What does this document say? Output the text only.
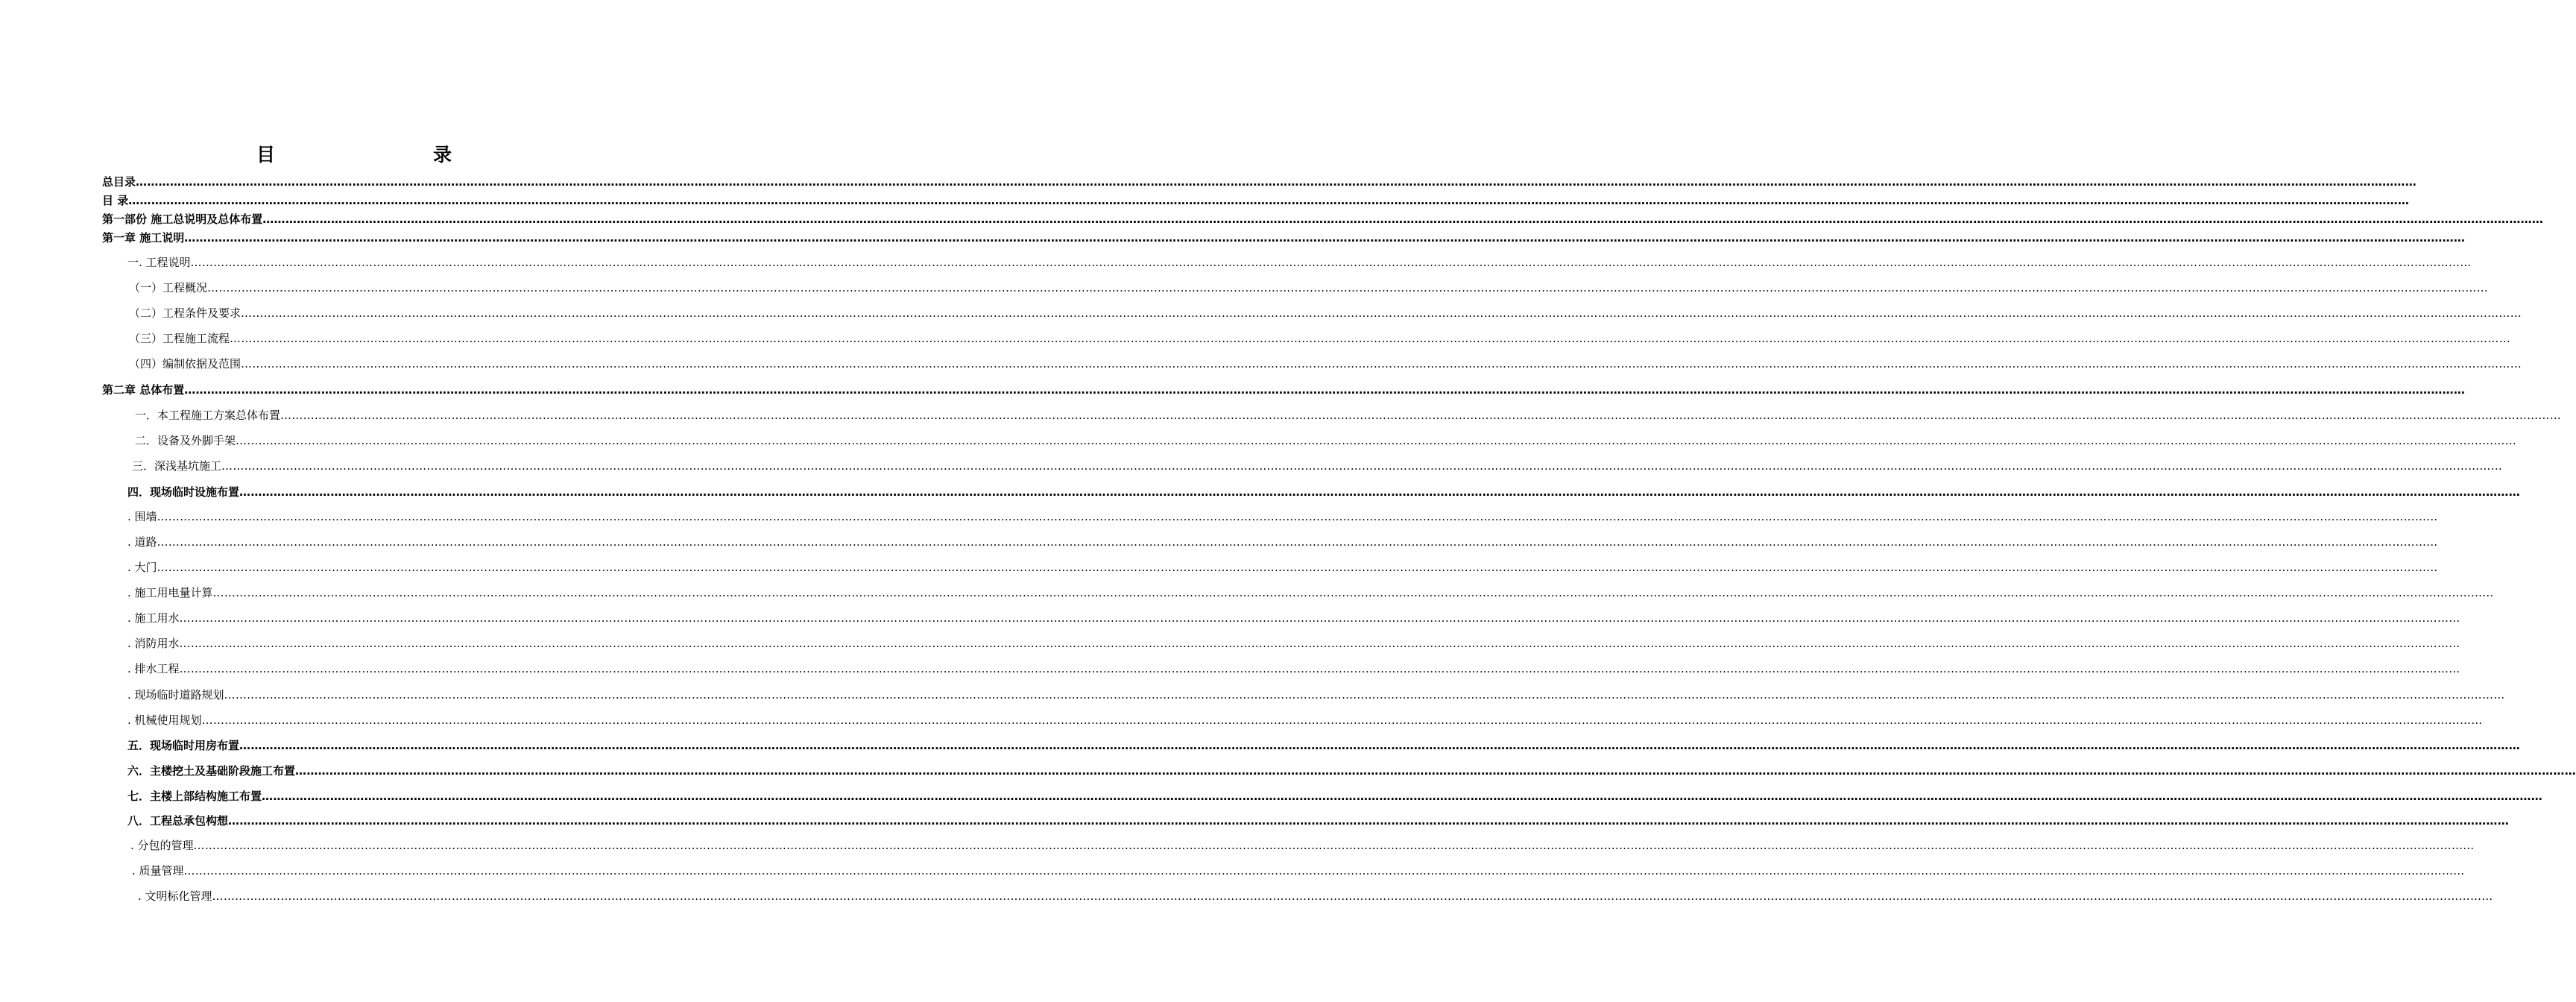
目　　录
总目录……………………………………………………………………………………………………………………………………………………………………………………………………………………………………………………………………………………………………………………………………………………………………………………………………………………………………………………………………………………………………………………………………………………
目 录……………………………………………………………………………………………………………………………………………………………………………………………………………………………………………………………………………………………………………………………………………………………………………………………………………………………………………………………………………………………………………………………………………………
第一部份 施工总说明及总体布置……………………………………………………………………………………………………………………………………………………………………………………………………………………………………………………………………………………………………………………………………………………………………………………………………………………………………………………………………………………………………………………………………………………
第一章 施工说明……………………………………………………………………………………………………………………………………………………………………………………………………………………………………………………………………………………………………………………………………………………………………………………………………………………………………………………………………………………………………………………………………………………
一. 工程说明……………………………………………………………………………………………………………………………………………………………………………………………………………………………………………………………………………………………………………………………………………………………………………………………………………………………………………………………………………………………………………………………………………………
（一）工程概况……………………………………………………………………………………………………………………………………………………………………………………………………………………………………………………………………………………………………………………………………………………………………………………………………………………………………………………………………………………………………………………………………………………
（二）工程条件及要求……………………………………………………………………………………………………………………………………………………………………………………………………………………………………………………………………………………………………………………………………………………………………………………………………………………………………………………………………………………………………………………………………………………
（三）工程施工流程……………………………………………………………………………………………………………………………………………………………………………………………………………………………………………………………………………………………………………………………………………………………………………………………………………………………………………………………………………………………………………………………………………………
（四）编制依据及范围……………………………………………………………………………………………………………………………………………………………………………………………………………………………………………………………………………………………………………………………………………………………………………………………………………………………………………………………………………………………………………………………………………………
第二章 总体布置……………………………………………………………………………………………………………………………………………………………………………………………………………………………………………………………………………………………………………………………………………………………………………………………………………………………………………………………………………………………………………………………………………………
一．本工程施工方案总体布置……………………………………………………………………………………………………………………………………………………………………………………………………………………………………………………………………………………………………………………………………………………………………………………………………………………………………………………………………………………………………………………………………………………
二．设备及外脚手架……………………………………………………………………………………………………………………………………………………………………………………………………………………………………………………………………………………………………………………………………………………………………………………………………………………………………………………………………………………………………………………………………………………
三．深浅基坑施工……………………………………………………………………………………………………………………………………………………………………………………………………………………………………………………………………………………………………………………………………………………………………………………………………………………………………………………………………………………………………………………………………………………
四．现场临时设施布置……………………………………………………………………………………………………………………………………………………………………………………………………………………………………………………………………………………………………………………………………………………………………………………………………………………………………………………………………………………………………………………………………………………
. 围墙……………………………………………………………………………………………………………………………………………………………………………………………………………………………………………………………………………………………………………………………………………………………………………………………………………………………………………………………………………………………………………………………………………………
. 道路……………………………………………………………………………………………………………………………………………………………………………………………………………………………………………………………………………………………………………………………………………………………………………………………………………………………………………………………………………………………………………………………………………………
. 大门……………………………………………………………………………………………………………………………………………………………………………………………………………………………………………………………………………………………………………………………………………………………………………………………………………………………………………………………………………………………………………………………………………………
. 施工用电量计算……………………………………………………………………………………………………………………………………………………………………………………………………………………………………………………………………………………………………………………………………………………………………………………………………………………………………………………………………………………………………………………………………………………
. 施工用水……………………………………………………………………………………………………………………………………………………………………………………………………………………………………………………………………………………………………………………………………………………………………………………………………………………………………………………………………………………………………………………………………………………
. 消防用水……………………………………………………………………………………………………………………………………………………………………………………………………………………………………………………………………………………………………………………………………………………………………………………………………………………………………………………………………………………………………………………………………………………
. 排水工程……………………………………………………………………………………………………………………………………………………………………………………………………………………………………………………………………………………………………………………………………………………………………………………………………………………………………………………………………………………………………………………………………………………
. 现场临时道路规划……………………………………………………………………………………………………………………………………………………………………………………………………………………………………………………………………………………………………………………………………………………………………………………………………………………………………………………………………………………………………………………………………………………
. 机械使用规划……………………………………………………………………………………………………………………………………………………………………………………………………………………………………………………………………………………………………………………………………………………………………………………………………………………………………………………………………………………………………………………………………………………
五．现场临时用房布置……………………………………………………………………………………………………………………………………………………………………………………………………………………………………………………………………………………………………………………………………………………………………………………………………………………………………………………………………………………………………………………………………………………
六．主楼挖土及基础阶段施工布置……………………………………………………………………………………………………………………………………………………………………………………………………………………………………………………………………………………………………………………………………………………………………………………………………………………………………………………………………………………………………………………………………………………
七．主楼上部结构施工布置……………………………………………………………………………………………………………………………………………………………………………………………………………………………………………………………………………………………………………………………………………………………………………………………………………………………………………………………………………………………………………………………………………………
八．工程总承包构想……………………………………………………………………………………………………………………………………………………………………………………………………………………………………………………………………………………………………………………………………………………………………………………………………………………………………………………………………………………………………………………………………………………
. 分包的管理……………………………………………………………………………………………………………………………………………………………………………………………………………………………………………………………………………………………………………………………………………………………………………………………………………………………………………………………………………………………………………………………………………………
. 质量管理……………………………………………………………………………………………………………………………………………………………………………………………………………………………………………………………………………………………………………………………………………………………………………………………………………………………………………………………………………………………………………………………………………………
. 文明标化管理……………………………………………………………………………………………………………………………………………………………………………………………………………………………………………………………………………………………………………………………………………………………………………………………………………………………………………………………………………………………………………………………………………………
